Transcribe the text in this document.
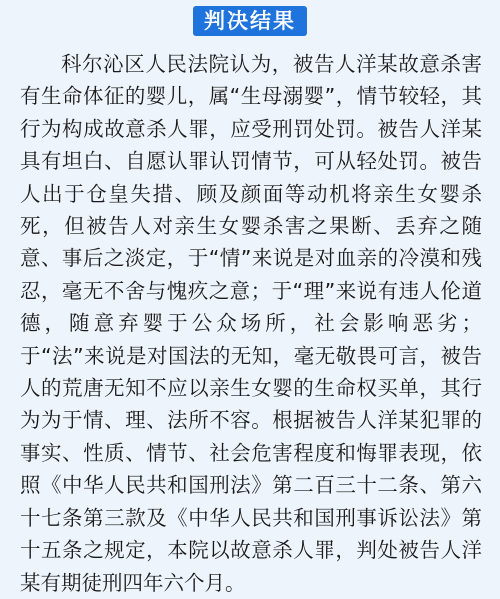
判决结果

科尔沁区人民法院认为，被告人洋某故意杀害有生命体征的婴儿，属“生母溺婴”，情节较轻，其行为构成故意杀人罪，应受刑罚处罚。被告人洋某具有坦白、自愿认罪认罚情节，可从轻处罚。被告人出于仓皇失措、顾及颜面等动机将亲生女婴杀死，但被告人对亲生女婴杀害之果断、丢弃之随意、事后之淡定，于“情”来说是对血亲的冷漠和残忍，毫无不舍与愧疚之意；于“理”来说有违人伦道德，随意弃婴于公众场所，社会影响恶劣；于“法”来说是对国法的无知，毫无敬畏可言，被告人的荒唐无知不应以亲生女婴的生命权买单，其行为为于情、理、法所不容。根据被告人洋某犯罪的事实、性质、情节、社会危害程度和悔罪表现，依照《中华人民共和国刑法》第二百三十二条、第六十七条第三款及《中华人民共和国刑事诉讼法》第十五条之规定，本院以故意杀人罪，判处被告人洋某有期徒刑四年六个月。
